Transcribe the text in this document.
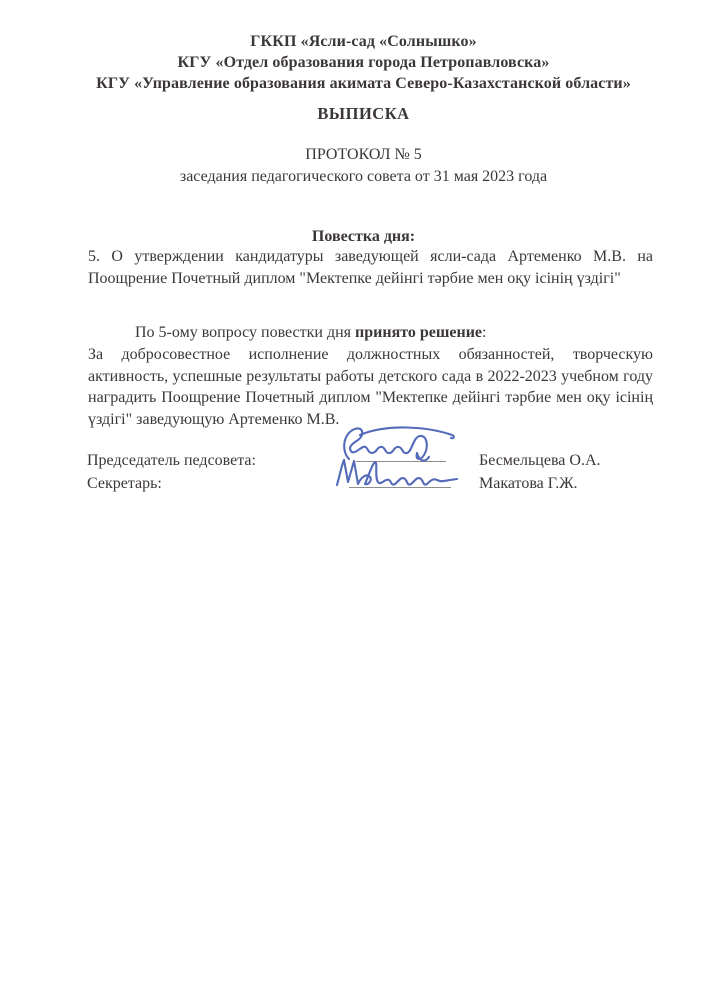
ГККП «Ясли-сад «Солнышко»
КГУ «Отдел образования города Петропавловска»
КГУ «Управление образования акимата Северо-Казахстанской области»
ВЫПИСКА
ПРОТОКОЛ № 5
заседания педагогического совета от 31 мая 2023 года
Повестка дня:
5. О утверждении кандидатуры заведующей ясли-сада Артеменко М.В. на Поощрение Почетный диплом "Мектепке дейінгі тәрбие мен оқу ісінің үздігі"
По 5-ому вопросу повестки дня принято решение:
За добросовестное исполнение должностных обязанностей, творческую активность, успешные результаты работы детского сада в 2022-2023 учебном году наградить Поощрение Почетный диплом "Мектепке дейінгі тәрбие мен оқу ісінің үздігі" заведующую Артеменко М.В.
Председатель педсовета:
Секретарь:
Бесмельцева О.А.
Макатова Г.Ж.
